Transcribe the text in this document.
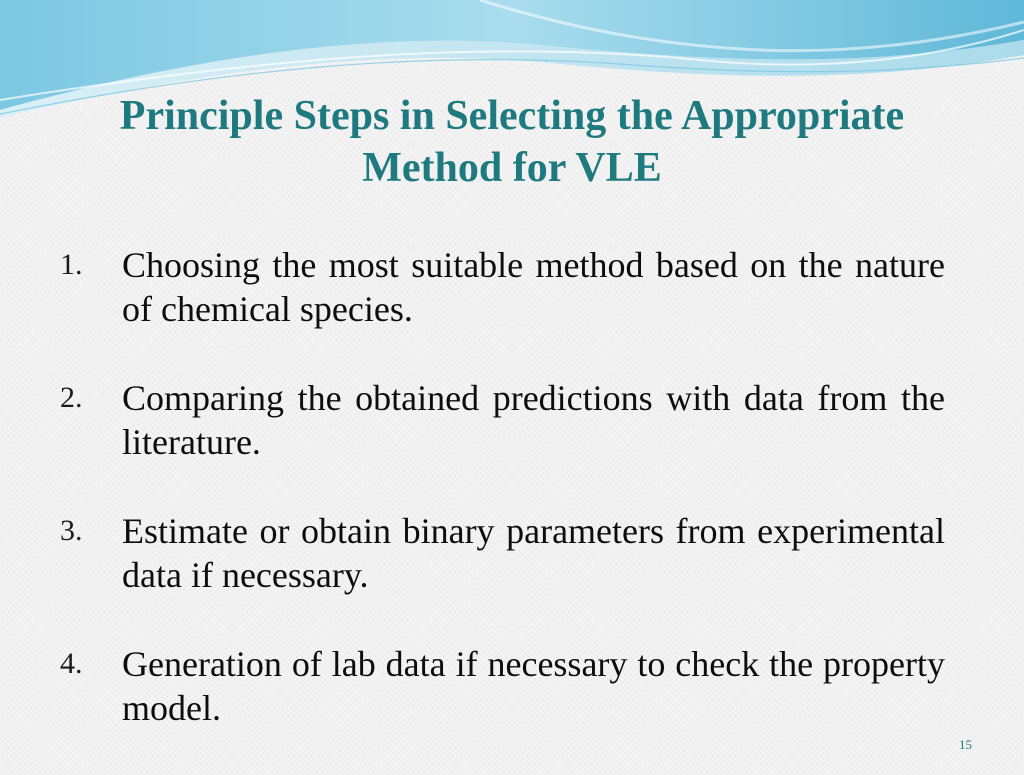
Principle Steps in Selecting the Appropriate Method for VLE
1.	Choosing the most suitable method based on the nature of chemical species.
2.	Comparing the obtained predictions with data from the literature.
3.	Estimate or obtain binary parameters from experimental data if necessary.
4.	Generation of lab data if necessary to check the property model.
15
